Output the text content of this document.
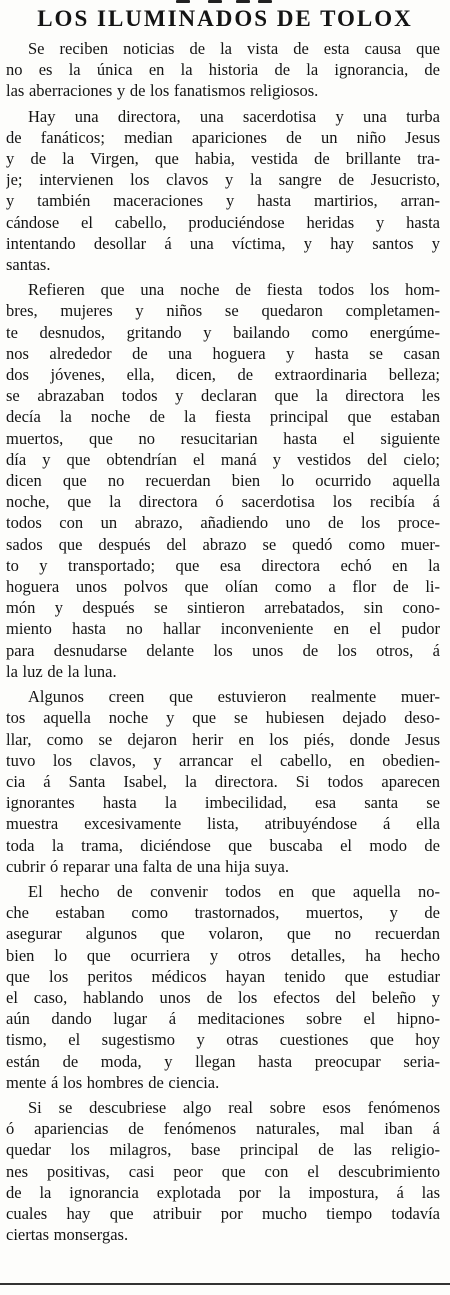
LOS ILUMINADOS DE TOLOX
Se reciben noticias de la vista de esta causa que
no es la única en la historia de la ignorancia, de
las aberraciones y de los fanatismos religiosos.
Hay una directora, una sacerdotisa y una turba
de fanáticos; median apariciones de un niño Jesus
y de la Virgen, que habia, vestida de brillante tra-
je; intervienen los clavos y la sangre de Jesucristo,
y también maceraciones y hasta martirios, arran-
cándose el cabello, produciéndose heridas y hasta
intentando desollar á una víctima, y hay santos y
santas.
Refieren que una noche de fiesta todos los hom-
bres, mujeres y niños se quedaron completamen-
te desnudos, gritando y bailando como energúme-
nos alrededor de una hoguera y hasta se casan
dos jóvenes, ella, dicen, de extraordinaria belleza;
se abrazaban todos y declaran que la directora les
decía la noche de la fiesta principal que estaban
muertos, que no resucitarian hasta el siguiente
día y que obtendrían el maná y vestidos del cielo;
dicen que no recuerdan bien lo ocurrido aquella
noche, que la directora ó sacerdotisa los recibía á
todos con un abrazo, añadiendo uno de los proce-
sados que después del abrazo se quedó como muer-
to y transportado; que esa directora echó en la
hoguera unos polvos que olían como a flor de li-
món y después se sintieron arrebatados, sin cono-
miento hasta no hallar inconveniente en el pudor
para desnudarse delante los unos de los otros, á
la luz de la luna.
Algunos creen que estuvieron realmente muer-
tos aquella noche y que se hubiesen dejado deso-
llar, como se dejaron herir en los piés, donde Jesus
tuvo los clavos, y arrancar el cabello, en obedien-
cia á Santa Isabel, la directora. Si todos aparecen
ignorantes hasta la imbecilidad, esa santa se
muestra excesivamente lista, atribuyéndose á ella
toda la trama, diciéndose que buscaba el modo de
cubrir ó reparar una falta de una hija suya.
El hecho de convenir todos en que aquella no-
che estaban como trastornados, muertos, y de
asegurar algunos que volaron, que no recuerdan
bien lo que ocurriera y otros detalles, ha hecho
que los peritos médicos hayan tenido que estudiar
el caso, hablando unos de los efectos del beleño y
aún dando lugar á meditaciones sobre el hipno-
tismo, el sugestismo y otras cuestiones que hoy
están de moda, y llegan hasta preocupar seria-
mente á los hombres de ciencia.
Si se descubriese algo real sobre esos fenómenos
ó apariencias de fenómenos naturales, mal iban á
quedar los milagros, base principal de las religio-
nes positivas, casi peor que con el descubrimiento
de la ignorancia explotada por la impostura, á las
cuales hay que atribuir por mucho tiempo todavía
ciertas monsergas.
